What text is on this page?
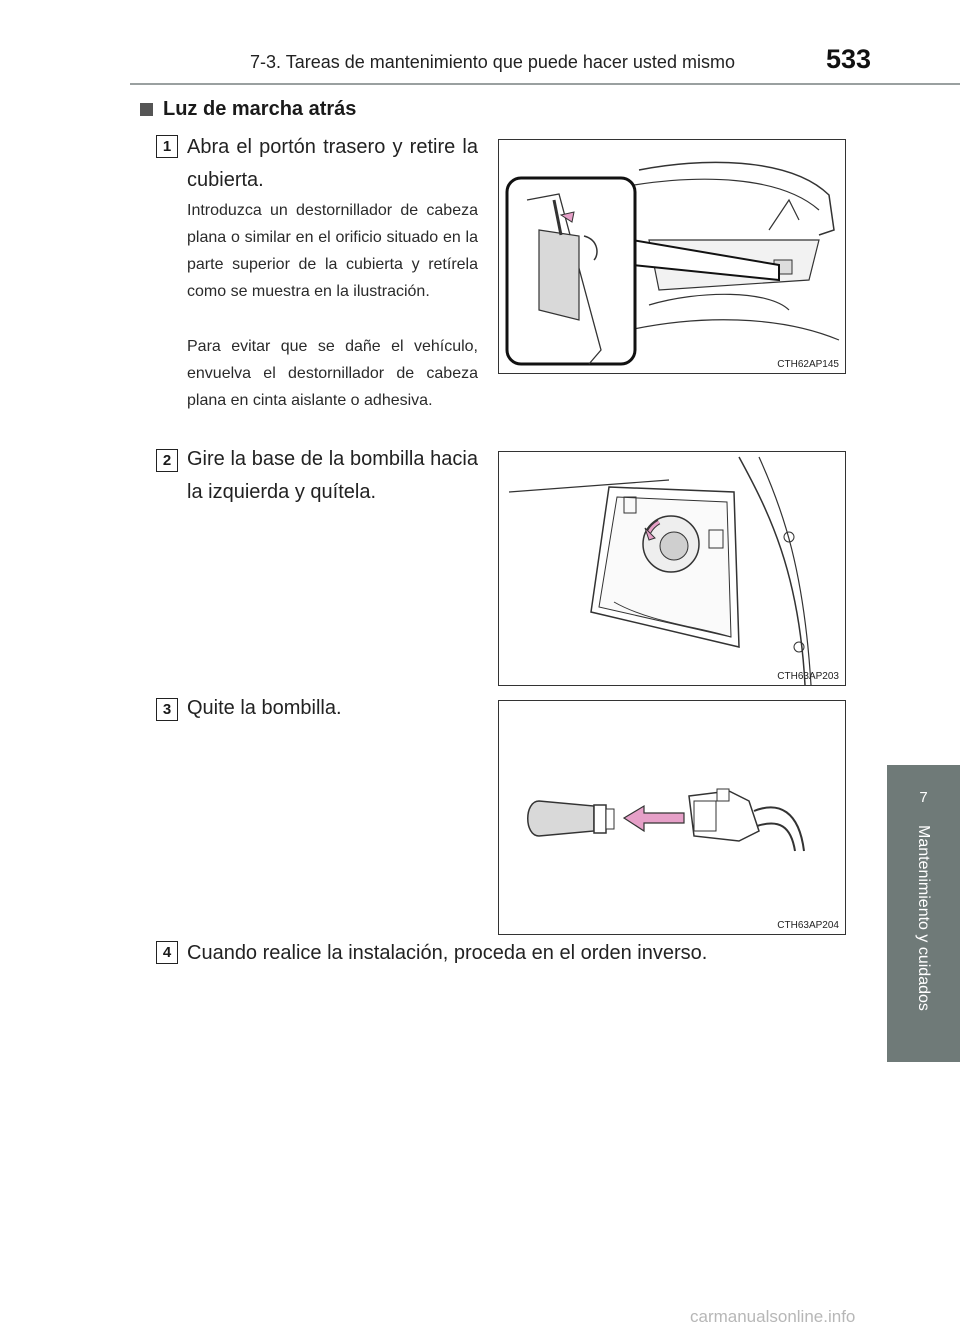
7-3. Tareas de mantenimiento que puede hacer usted mismo	533
Luz de marcha atrás
1 Abra el portón trasero y retire la cubierta.
Introduzca un destornillador de cabeza plana o similar en el orificio situado en la parte superior de la cubierta y retírela como se muestra en la ilustración.
Para evitar que se dañe el vehículo, envuelva el destornillador de cabeza plana en cinta aislante o adhesiva.
CTH62AP145
2 Gire la base de la bombilla hacia la izquierda y quítela.
CTH63AP203
3 Quite la bombilla.
CTH63AP204
4 Cuando realice la instalación, proceda en el orden inverso.
7
Mantenimiento y cuidados
carmanualsonline.info
